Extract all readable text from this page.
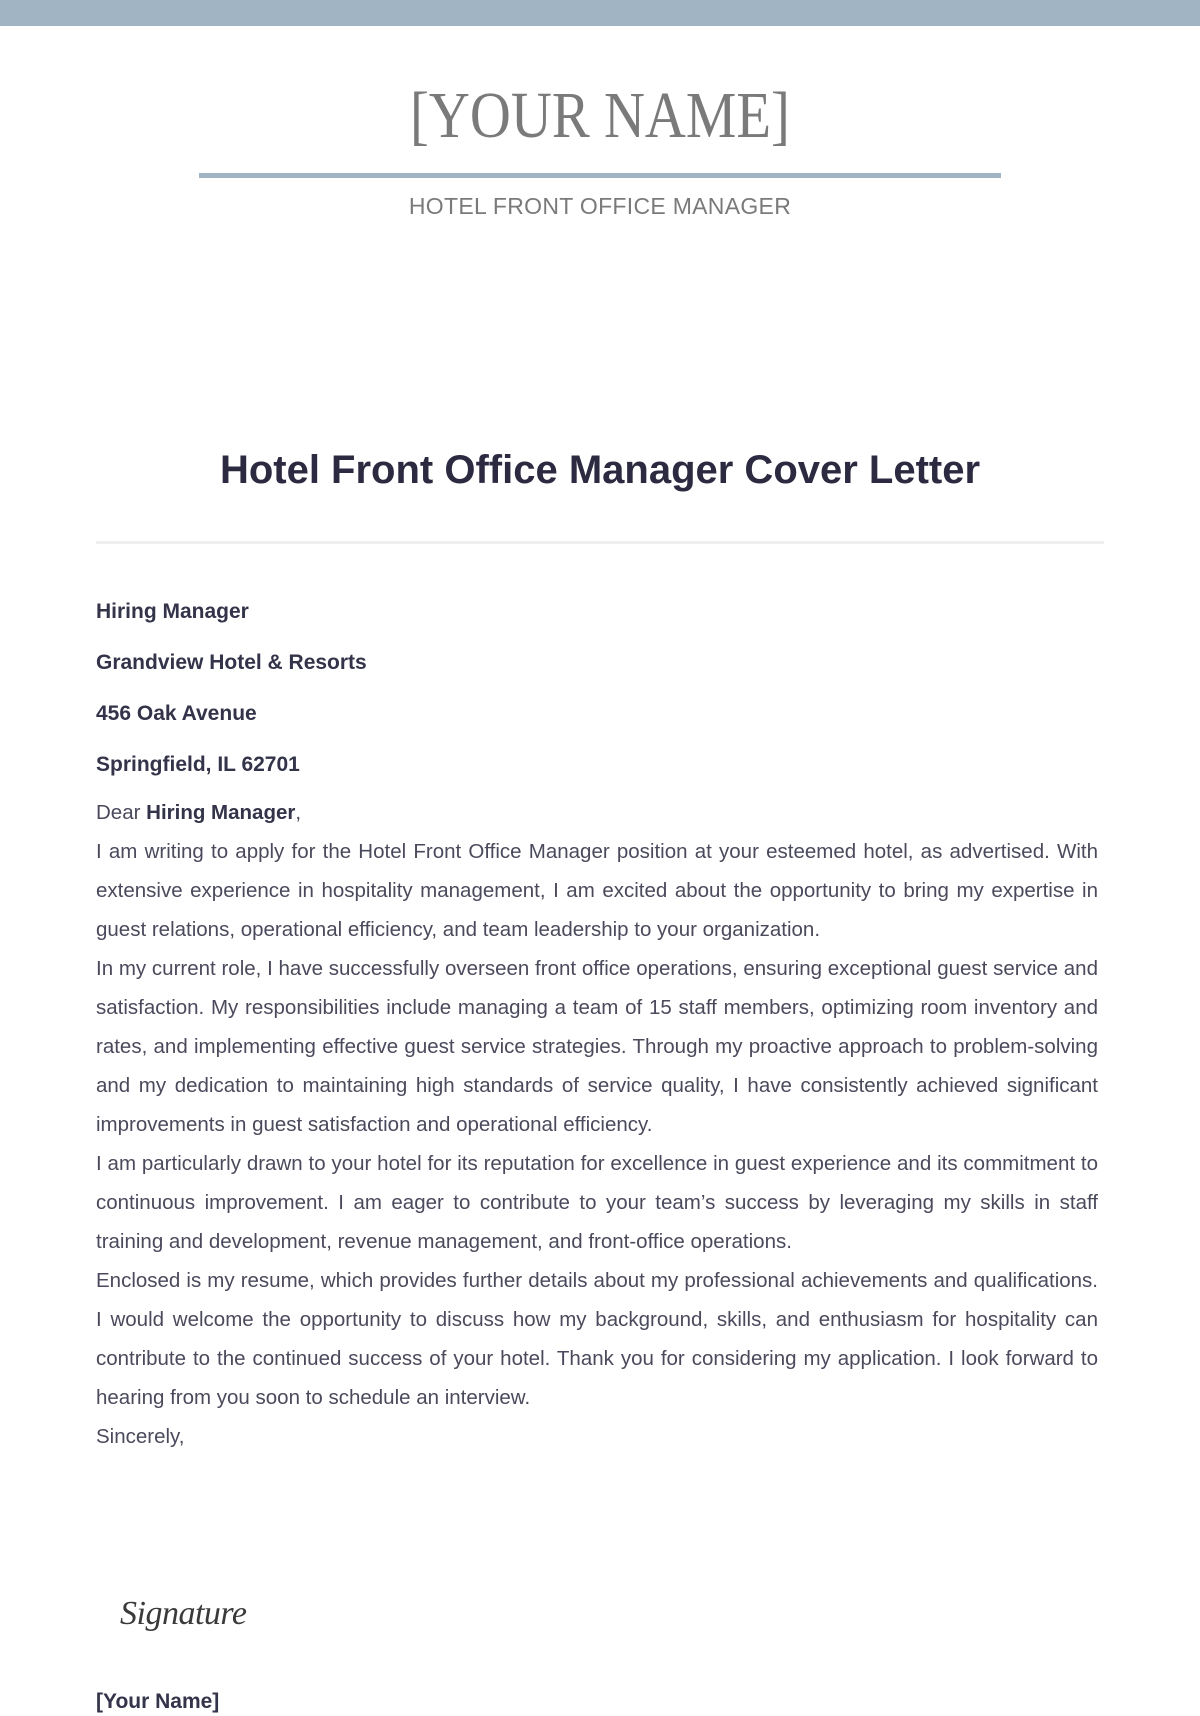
[YOUR NAME]
HOTEL FRONT OFFICE MANAGER
Hotel Front Office Manager Cover Letter
Hiring Manager
Grandview Hotel & Resorts
456 Oak Avenue
Springfield, IL 62701

Dear Hiring Manager,

I am writing to apply for the Hotel Front Office Manager position at your esteemed hotel, as advertised. With extensive experience in hospitality management, I am excited about the opportunity to bring my expertise in guest relations, operational efficiency, and team leadership to your organization.

In my current role, I have successfully overseen front office operations, ensuring exceptional guest service and satisfaction. My responsibilities include managing a team of 15 staff members, optimizing room inventory and rates, and implementing effective guest service strategies. Through my proactive approach to problem-solving and my dedication to maintaining high standards of service quality, I have consistently achieved significant improvements in guest satisfaction and operational efficiency.

I am particularly drawn to your hotel for its reputation for excellence in guest experience and its commitment to continuous improvement. I am eager to contribute to your team’s success by leveraging my skills in staff training and development, revenue management, and front-office operations.

Enclosed is my resume, which provides further details about my professional achievements and qualifications. I would welcome the opportunity to discuss how my background, skills, and enthusiasm for hospitality can contribute to the continued success of your hotel. Thank you for considering my application. I look forward to hearing from you soon to schedule an interview.

Sincerely,

Signature
[Your Name]
